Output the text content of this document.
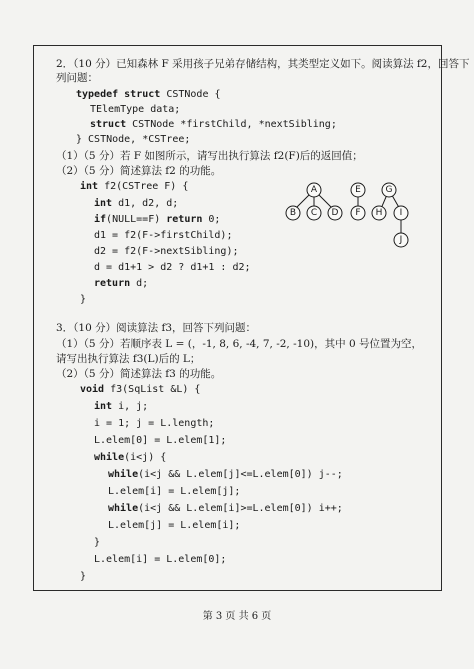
2．（10 分）已知森林 F 采用孩子兄弟存储结构，其类型定义如下。阅读算法 f2，回答下
列问题：
typedef struct CSTNode {
TElemType data;
struct CSTNode *firstChild, *nextSibling;
} CSTNode, *CSTree;
（1）（5 分）若 F 如图所示，请写出执行算法 f2(F)后的返回值；
（2）（5 分）简述算法 f2 的功能。
int f2(CSTree F) {
int d1, d2, d;
if(NULL==F) return 0;
d1 = f2(F->firstChild);
d2 = f2(F->nextSibling);
d = d1+1 > d2 ? d1+1 : d2;
return d;
}
A
B C D
E
F
G
H I
J
3．（10 分）阅读算法 f3，回答下列问题：
（1）（5 分）若顺序表 L = (，-1, 8, 6, -4, 7, -2, -10)，其中 0 号位置为空，
请写出执行算法 f3(L)后的 L；
（2）（5 分）简述算法 f3 的功能。
void f3(SqList &L) {
int i, j;
i = 1; j = L.length;
L.elem[0] = L.elem[1];
while(i<j) {
while(i<j && L.elem[j]<=L.elem[0]) j--;
L.elem[i] = L.elem[j];
while(i<j && L.elem[i]>=L.elem[0]) i++;
L.elem[j] = L.elem[i];
}
L.elem[i] = L.elem[0];
}
第 3 页 共 6 页
